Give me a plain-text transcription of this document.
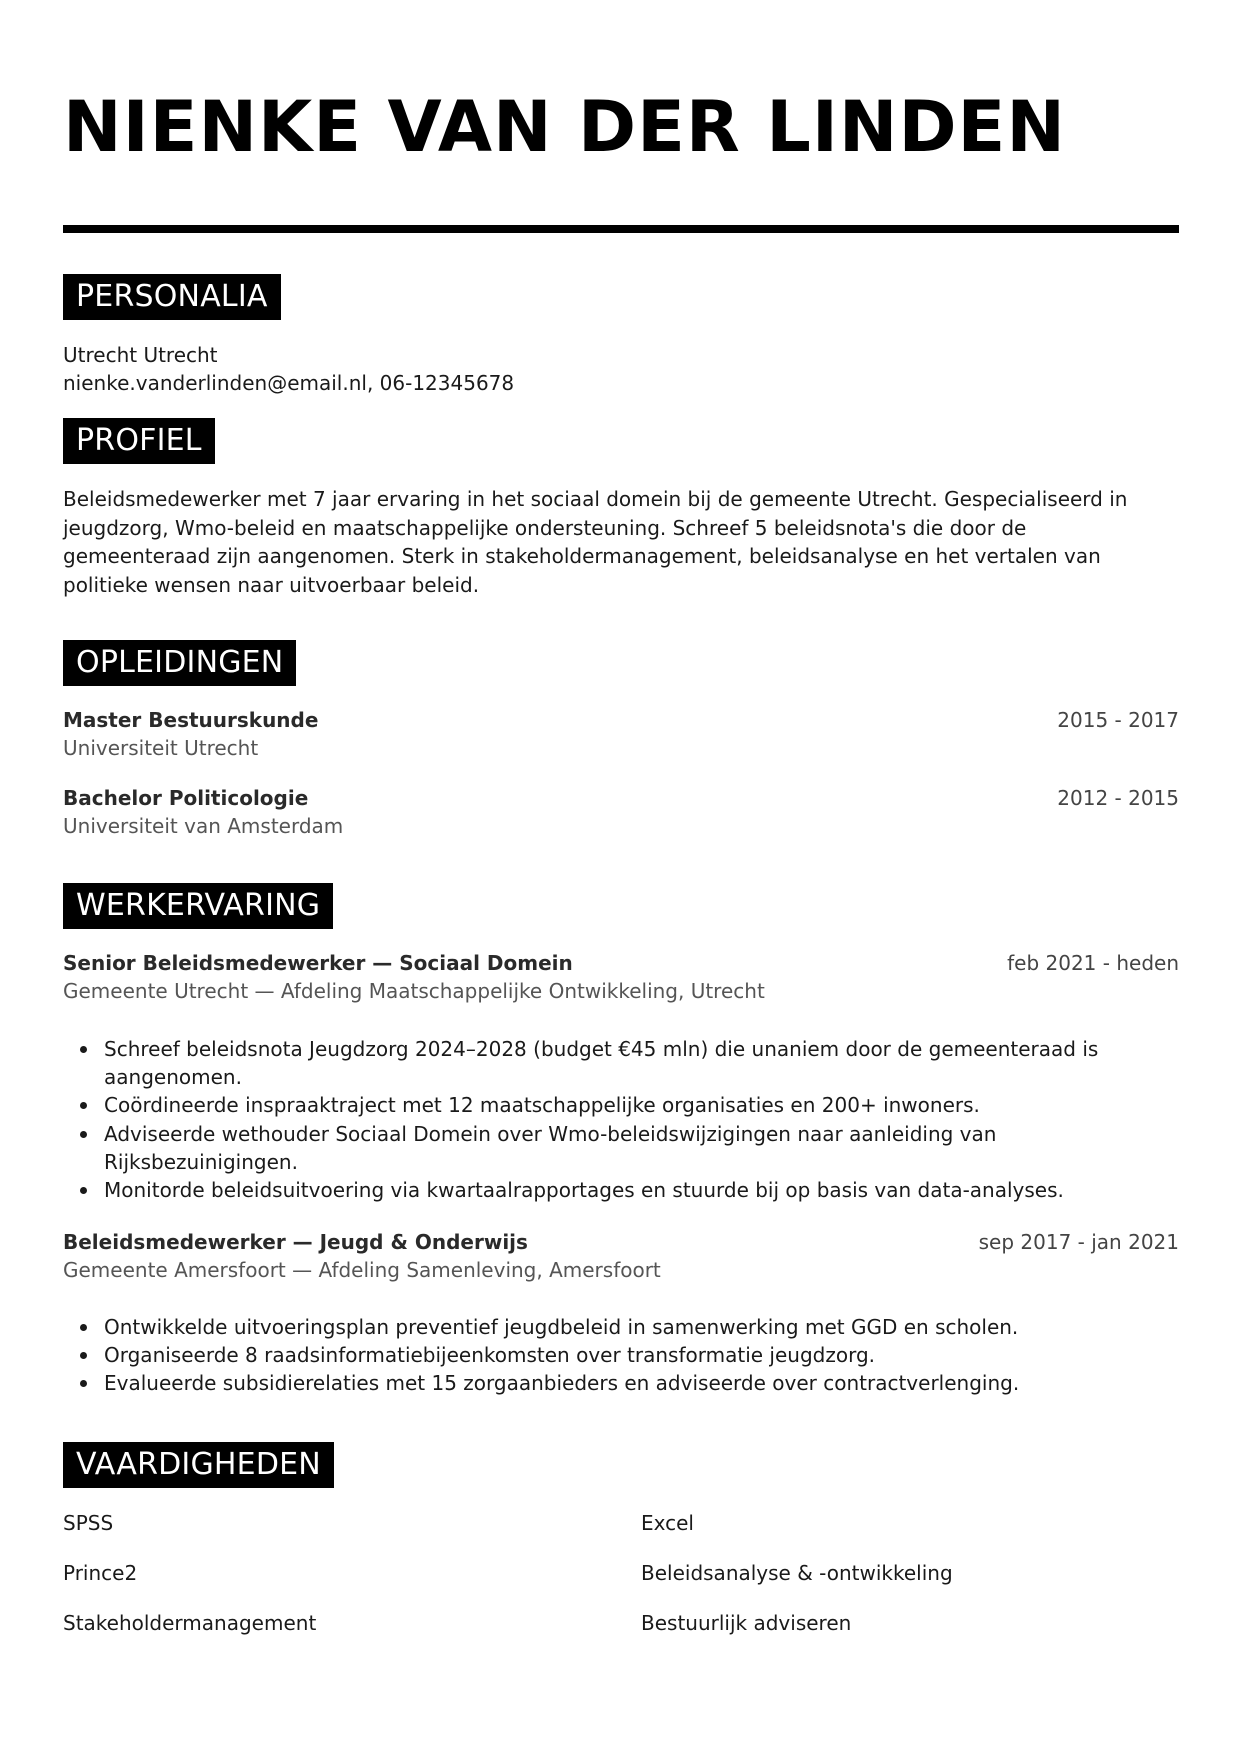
NIENKE VAN DER LINDEN
PERSONALIA
Utrecht Utrecht
nienke.vanderlinden@email.nl, 06-12345678
PROFIEL
Beleidsmedewerker met 7 jaar ervaring in het sociaal domein bij de gemeente Utrecht. Gespecialiseerd in jeugdzorg, Wmo-beleid en maatschappelijke ondersteuning. Schreef 5 beleidsnota's die door de gemeenteraad zijn aangenomen. Sterk in stakeholdermanagement, beleidsanalyse en het vertalen van politieke wensen naar uitvoerbaar beleid.
OPLEIDINGEN
Master Bestuurskunde
Universiteit Utrecht
2015 - 2017
Bachelor Politicologie
Universiteit van Amsterdam
2012 - 2015
WERKERVARING
Senior Beleidsmedewerker — Sociaal Domein
Gemeente Utrecht — Afdeling Maatschappelijke Ontwikkeling, Utrecht
feb 2021 - heden
Schreef beleidsnota Jeugdzorg 2024–2028 (budget €45 mln) die unaniem door de gemeenteraad is aangenomen.
Coördineerde inspraaktraject met 12 maatschappelijke organisaties en 200+ inwoners.
Adviseerde wethouder Sociaal Domein over Wmo-beleidswijzigingen naar aanleiding van Rijksbezuinigingen.
Monitorde beleidsuitvoering via kwartaalrapportages en stuurde bij op basis van data-analyses.
Beleidsmedewerker — Jeugd & Onderwijs
Gemeente Amersfoort — Afdeling Samenleving, Amersfoort
sep 2017 - jan 2021
Ontwikkelde uitvoeringsplan preventief jeugdbeleid in samenwerking met GGD en scholen.
Organiseerde 8 raadsinformatiebijeenkomsten over transformatie jeugdzorg.
Evalueerde subsidierelaties met 15 zorgaanbieders en adviseerde over contractverlenging.
VAARDIGHEDEN
SPSS	Excel
Prince2	Beleidsanalyse & -ontwikkeling
Stakeholdermanagement	Bestuurlijk adviseren
